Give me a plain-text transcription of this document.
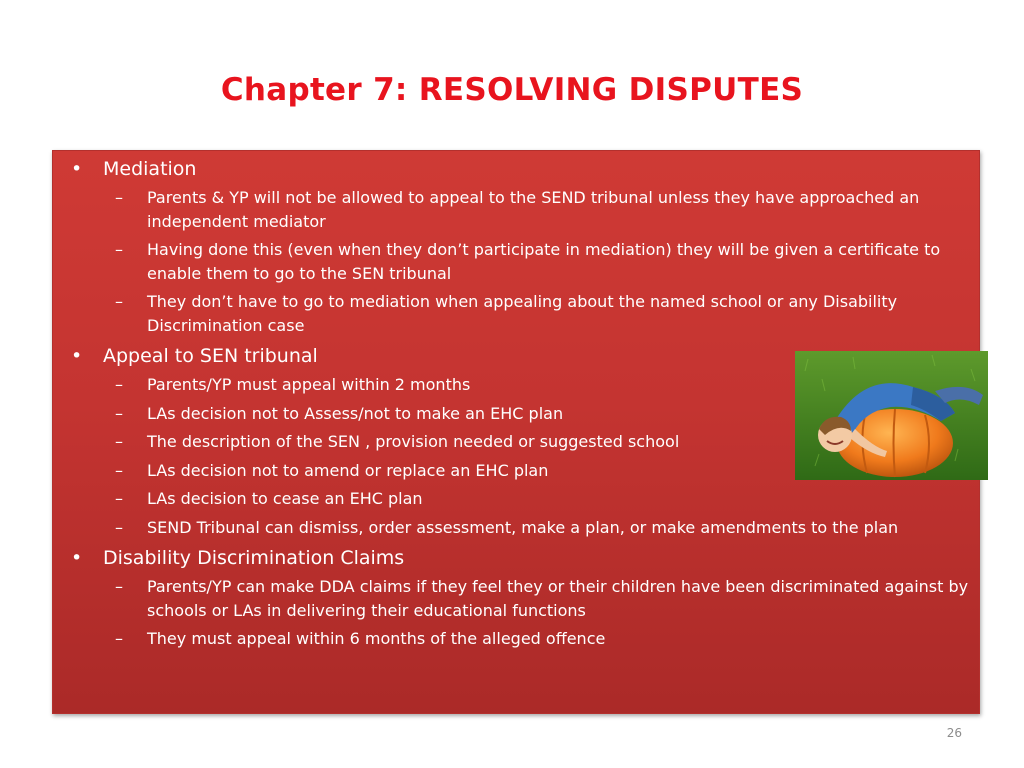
Chapter 7: RESOLVING DISPUTES
• Mediation
– Parents & YP will not be allowed to appeal to the SEND tribunal unless they have approached an independent mediator
– Having done this (even when they don’t participate in mediation) they will be given a certificate to enable them to go to the SEN tribunal
– They don’t have to go to mediation when appealing about the named school or any Disability Discrimination case
• Appeal to SEN tribunal
– Parents/YP must appeal within 2 months
– LAs decision not to Assess/not to make an EHC plan
– The description of the SEN , provision needed or suggested school
– LAs decision not to amend or replace an EHC plan
– LAs decision to cease an EHC plan
– SEND Tribunal can dismiss, order assessment, make a plan, or make amendments to the plan
• Disability Discrimination Claims
– Parents/YP can make DDA claims if they feel they or their children have been discriminated against by schools or LAs in delivering their educational functions
– They must appeal within 6 months of the alleged offence
26
